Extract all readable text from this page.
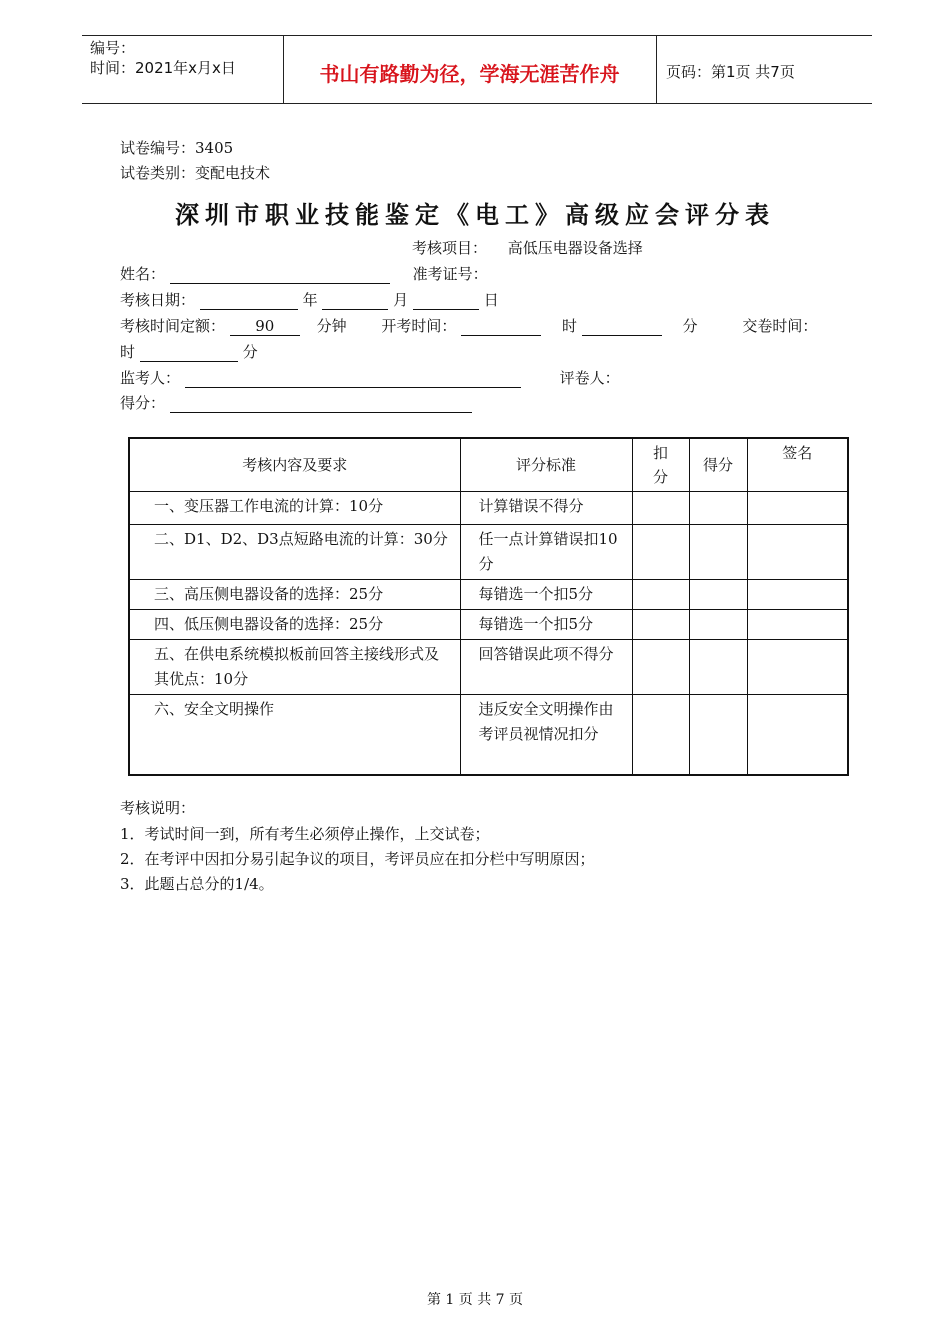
编号：
时间：2021年x月x日	书山有路勤为径，学海无涯苦作舟	页码：第1页 共7页
试卷编号：3405
试卷类别：变配电技术
深圳市职业技能鉴定《电工》高级应会评分表
考核项目： 高低压电器设备选择
姓名：	准考证号：
考核日期：	年	月	日
考核时间定额： 90	分钟 开考时间：	时	分	交卷时间：
时	分
监考人：	评卷人：
得分：
考核内容及要求	评分标准	扣分	得分	签名
一、变压器工作电流的计算：10分	计算错误不得分			
二、D1、D2、D3点短路电流的计算：30分	任一点计算错误扣10分			
三、高压侧电器设备的选择：25分	每错选一个扣5分			
四、低压侧电器设备的选择：25分	每错选一个扣5分			
五、在供电系统模拟板前回答主接线形式及其优点：10分	回答错误此项不得分			
六、安全文明操作	违反安全文明操作由考评员视情况扣分			
考核说明：
1．考试时间一到，所有考生必须停止操作，上交试卷；
2．在考评中因扣分易引起争议的项目，考评员应在扣分栏中写明原因；
3．此题占总分的1/4。
第 1 页 共 7 页
